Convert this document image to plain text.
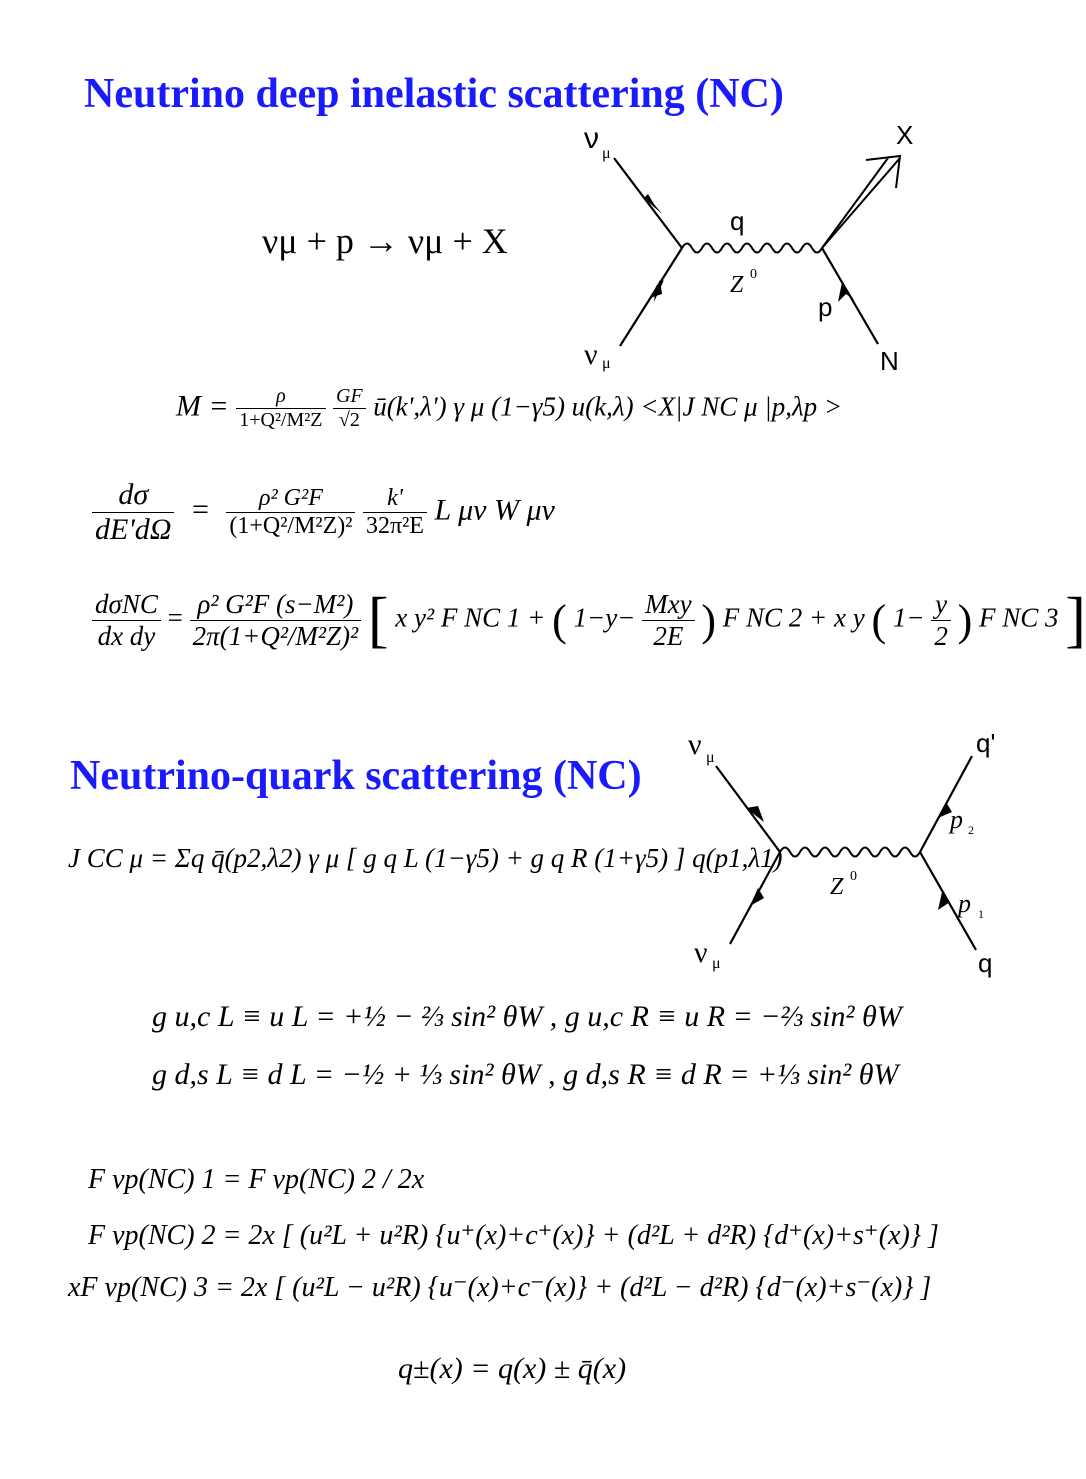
Neutrino deep inelastic scattering (NC)
νμ + p → νμ + X
ν μ
ν μ
q
Z 0
p
X
N
$M = \frac{\rho}{\text{1+Q²/M²Z}}$
$\frac{GF}{√2}$ ū(k',λ') γ μ (1−γ5) u(k,λ) <X|J NC μ |p,λp >
$\frac{d\sigma}{dE'd\Omega} = \frac{\text{ρ² G²F}}{\text{(1+Q²/M²Z)²}}$
$\frac{k'}{\text{32π²E}}$ L μν W μν
$\frac{\text{dσNC}}{\text{dx dy}} = \frac{\text{ρ² G²F (s−M²)}}{\text{2π(1+Q²/M²Z)²}}$ [ x y² F NC 1 + ( $1-y- \frac{\text{Mxy}}{2E}$ ) F NC 2 + x y ( $1- \frac{y}{2}$ ) F NC 3 ]
Neutrino-quark scattering (NC)
J CC μ = Σq q̄(p2,λ2) γ μ [ g q L (1−γ5) + g q R (1+γ5) ] q(p1,λ1)
ν μ
ν μ
Z 0
q'
q
p 2
p 1
g u,c L ≡ u L = +½ − ⅔ sin² θW , g u,c R ≡ u R = −⅔ sin² θW
g d,s L ≡ d L = −½ + ⅓ sin² θW , g d,s R ≡ d R = +⅓ sin² θW
F νp(NC) 1 = F νp(NC) 2 / 2x
F νp(NC) 2 = 2x [ (u²L + u²R) {u⁺(x)+c⁺(x)} + (d²L + d²R) {d⁺(x)+s⁺(x)} ]
xF νp(NC) 3 = 2x [ (u²L − u²R) {u⁻(x)+c⁻(x)} + (d²L − d²R) {d⁻(x)+s⁻(x)} ]
q±(x) = q(x) ± q̄(x)
